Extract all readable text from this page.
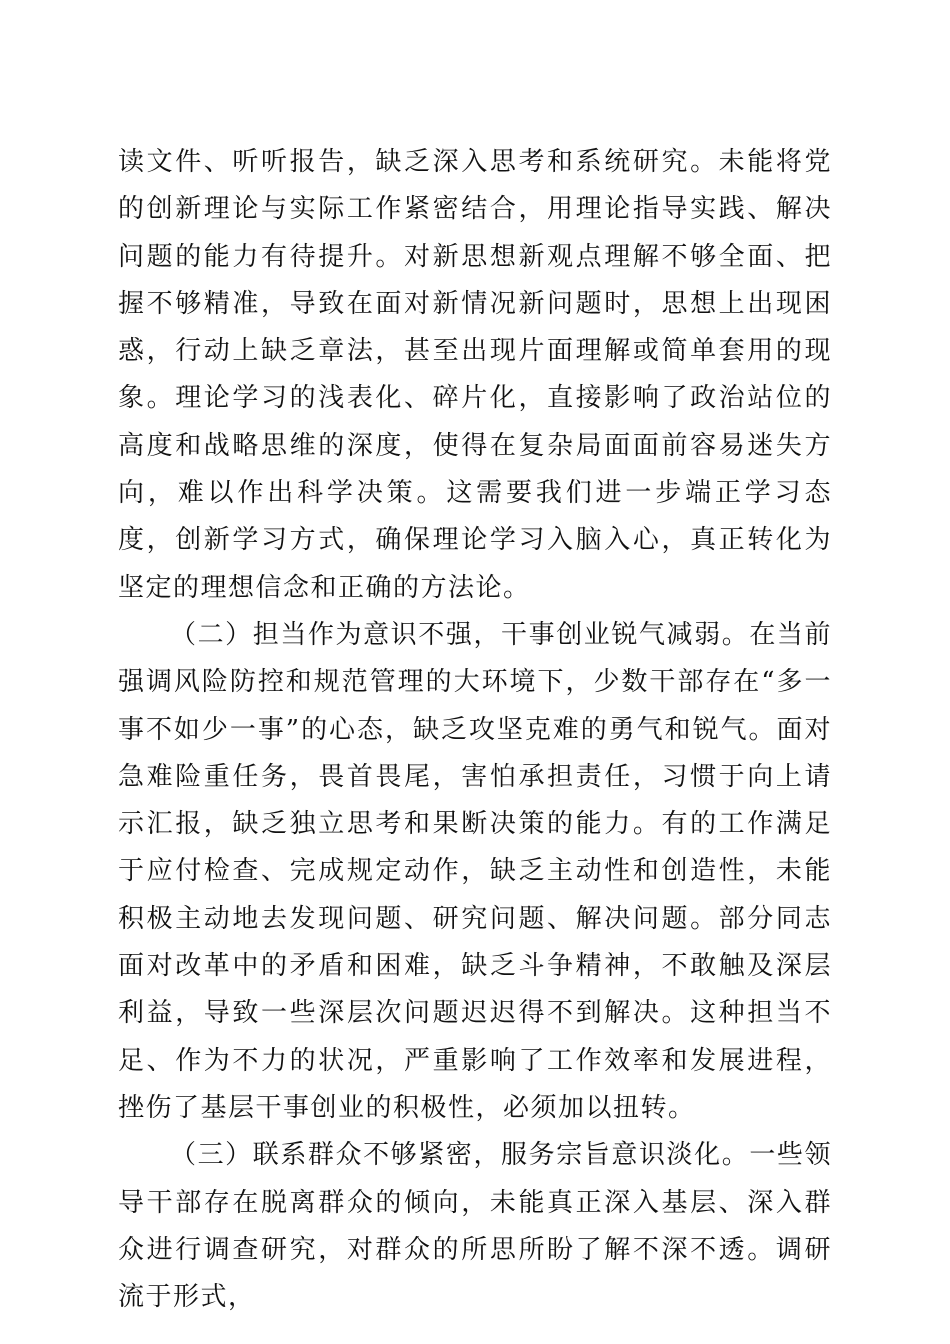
读文件、听听报告，缺乏深入思考和系统研究。未能将党的创新理论与实际工作紧密结合，用理论指导实践、解决问题的能力有待提升。对新思想新观点理解不够全面、把握不够精准，导致在面对新情况新问题时，思想上出现困惑，行动上缺乏章法，甚至出现片面理解或简单套用的现象。理论学习的浅表化、碎片化，直接影响了政治站位的高度和战略思维的深度，使得在复杂局面面前容易迷失方向，难以作出科学决策。这需要我们进一步端正学习态度，创新学习方式，确保理论学习入脑入心，真正转化为坚定的理想信念和正确的方法论。

（二）担当作为意识不强，干事创业锐气减弱。在当前强调风险防控和规范管理的大环境下，少数干部存在“多一事不如少一事”的心态，缺乏攻坚克难的勇气和锐气。面对急难险重任务，畏首畏尾，害怕承担责任，习惯于向上请示汇报，缺乏独立思考和果断决策的能力。有的工作满足于应付检查、完成规定动作，缺乏主动性和创造性，未能积极主动地去发现问题、研究问题、解决问题。部分同志面对改革中的矛盾和困难，缺乏斗争精神，不敢触及深层利益，导致一些深层次问题迟迟得不到解决。这种担当不足、作为不力的状况，严重影响了工作效率和发展进程，挫伤了基层干事创业的积极性，必须加以扭转。

（三）联系群众不够紧密，服务宗旨意识淡化。一些领导干部存在脱离群众的倾向，未能真正深入基层、深入群众进行调查研究，对群众的所思所盼了解不深不透。调研流于形式，
